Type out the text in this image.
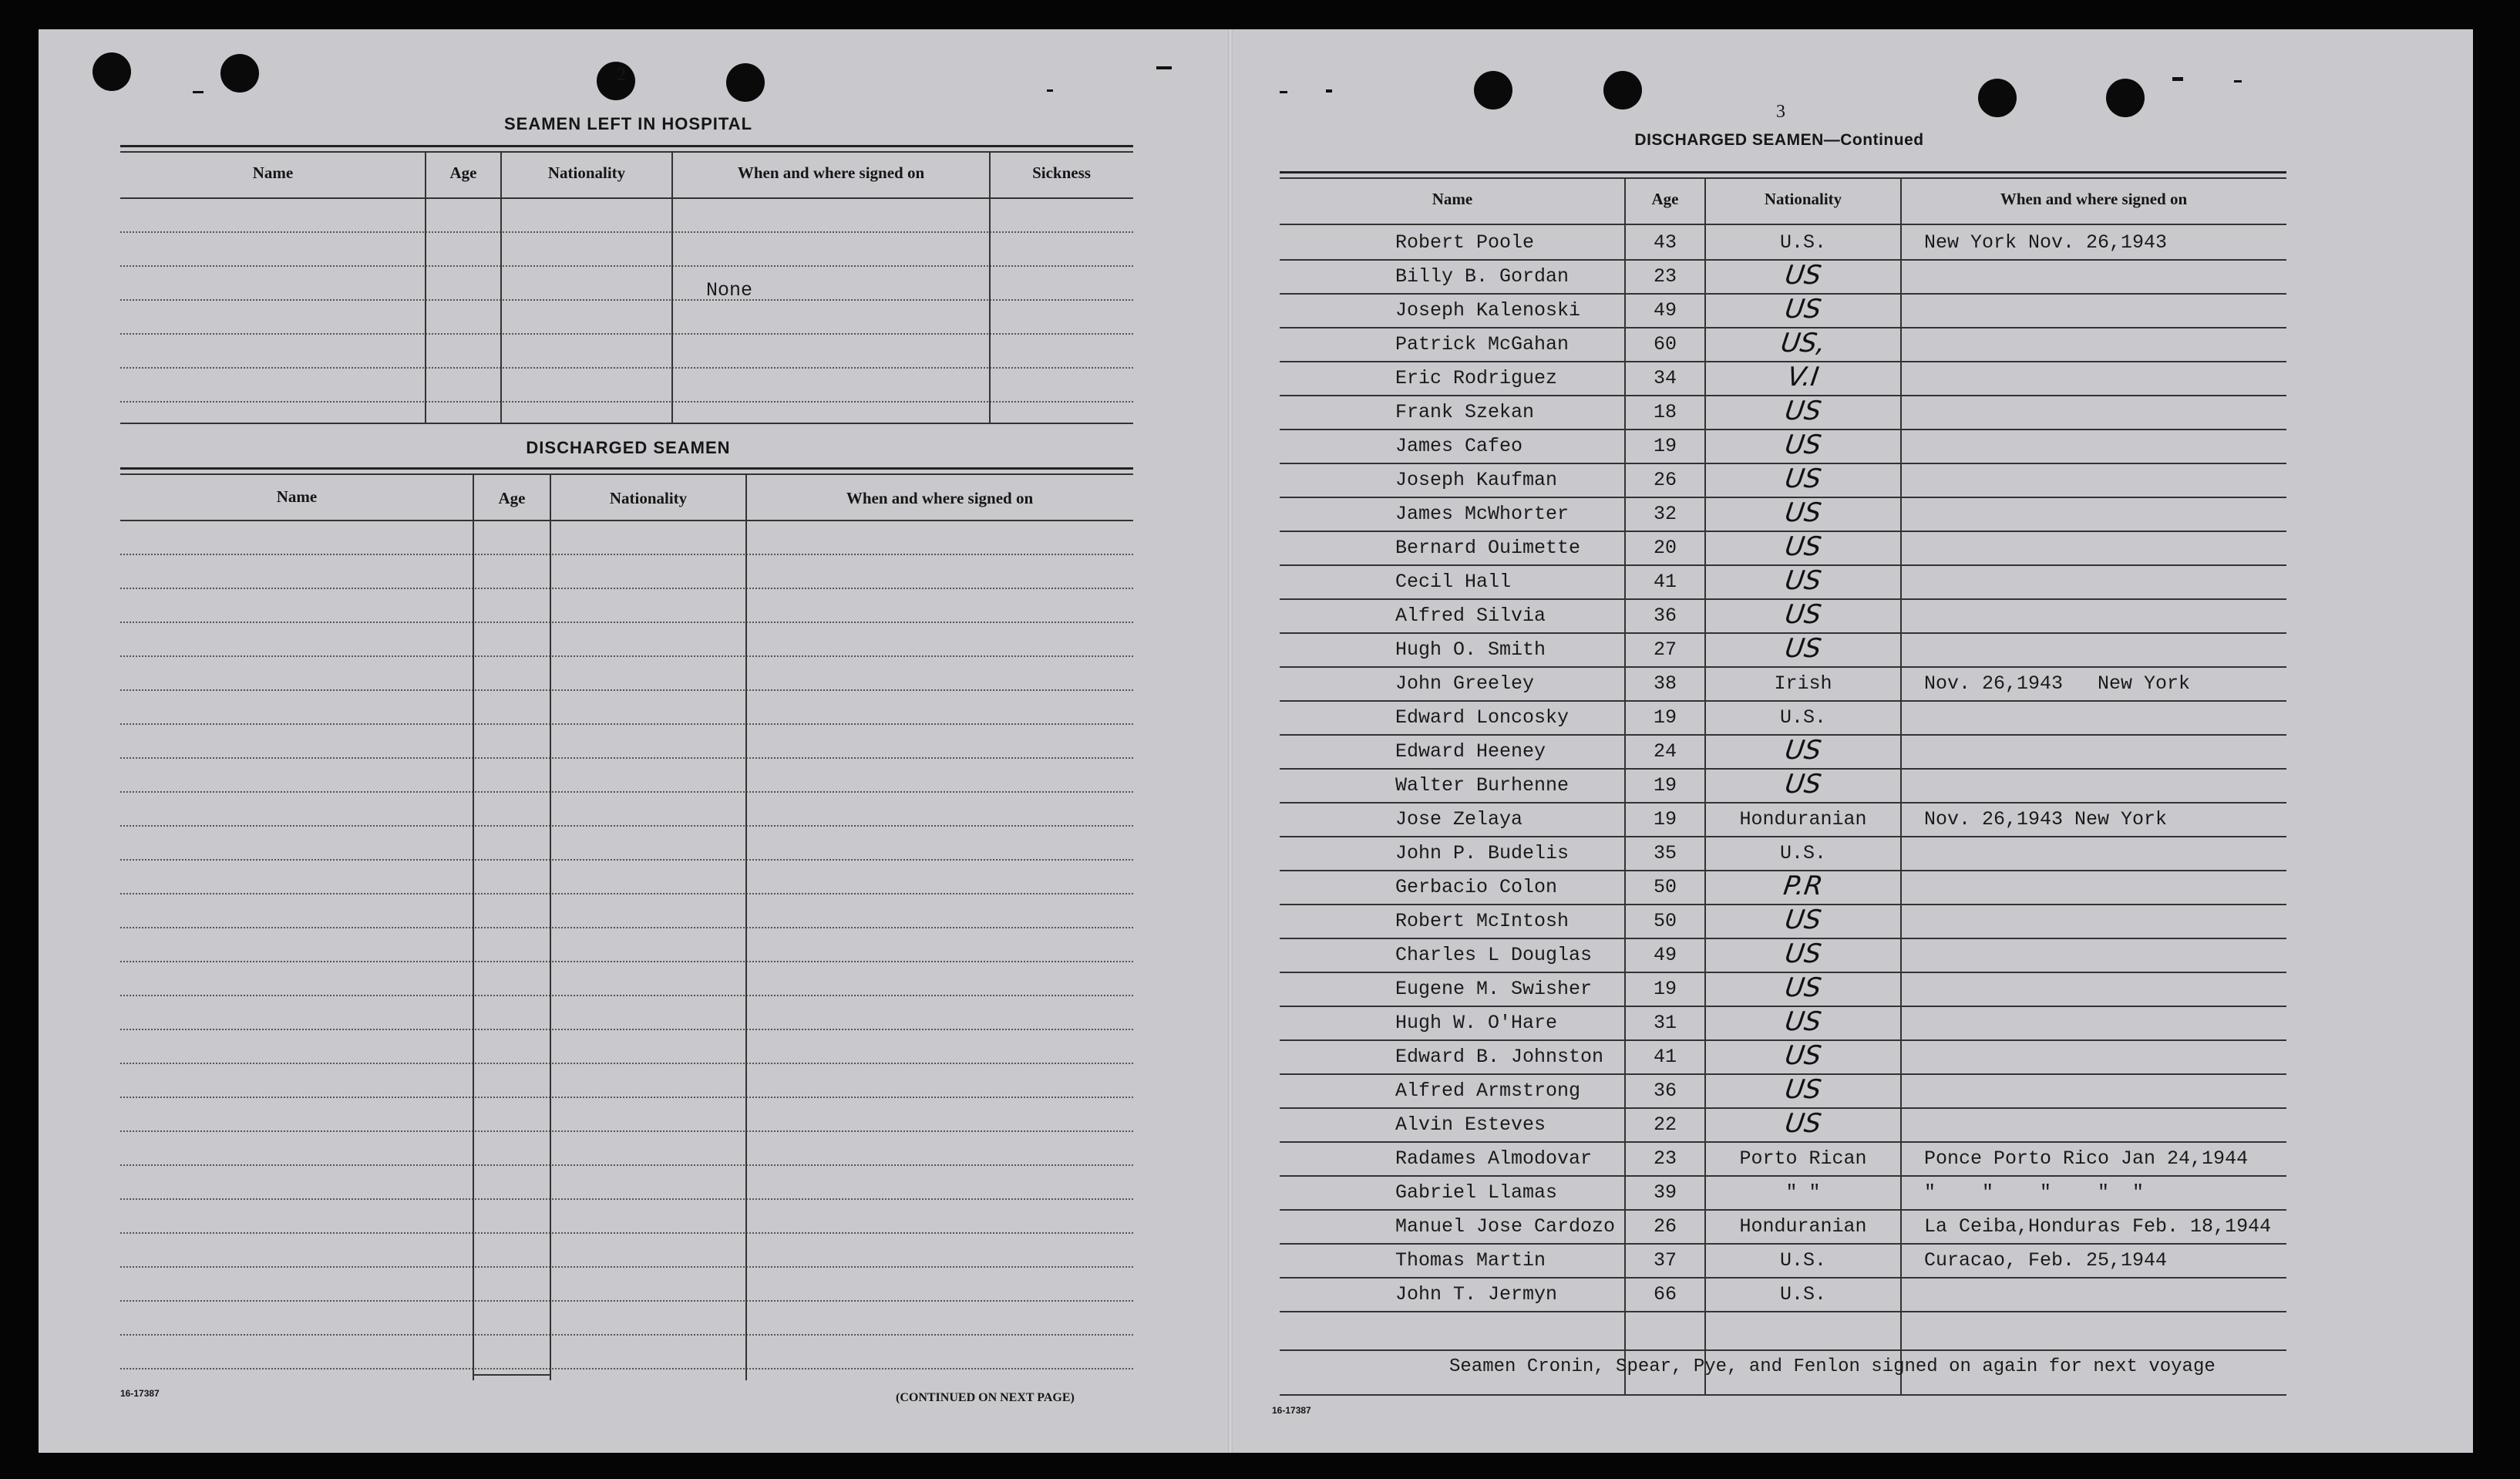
2
SEAMEN LEFT IN HOSPITAL
Name	Age	Nationality	When and where signed on	Sickness
None
DISCHARGED SEAMEN
Name	Age	Nationality	When and where signed on
16-17387	(CONTINUED ON NEXT PAGE)
3
DISCHARGED SEAMEN—Continued
Name	Age	Nationality	When and where signed on
Robert Poole	43	U.S.	New York Nov. 26,1943
Billy B. Gordan	23	US
Joseph Kalenoski	49	US
Patrick McGahan	60	US,
Eric Rodriguez	34	V.I
Frank Szekan	18	US
James Cafeo	19	US
Joseph Kaufman	26	US
James McWhorter	32	US
Bernard Ouimette	20	US
Cecil Hall	41	US
Alfred Silvia	36	US
Hugh O. Smith	27	US
John Greeley	38	Irish	Nov. 26,1943   New York
Edward Loncosky	19	U.S.
Edward Heeney	24	US
Walter Burhenne	19	US
Jose Zelaya	19	Honduranian	Nov. 26,1943 New York
John P. Budelis	35	U.S.
Gerbacio Colon	50	P.R
Robert McIntosh	50	US
Charles L Douglas	49	US
Eugene M. Swisher	19	US
Hugh W. O'Hare	31	US
Edward B. Johnston	41	US
Alfred Armstrong	36	US
Alvin Esteves	22	US
Radames Almodovar	23	Porto Rican	Ponce Porto Rico Jan 24,1944
Gabriel Llamas	39	" "	"    "    "    "  "
Manuel Jose Cardozo	26	Honduranian	La Ceiba,Honduras Feb. 18,1944
Thomas Martin	37	U.S.	Curacao, Feb. 25,1944
John T. Jermyn	66	U.S.
Seamen Cronin, Spear, Pye, and Fenlon signed on again for next voyage
16-17387
